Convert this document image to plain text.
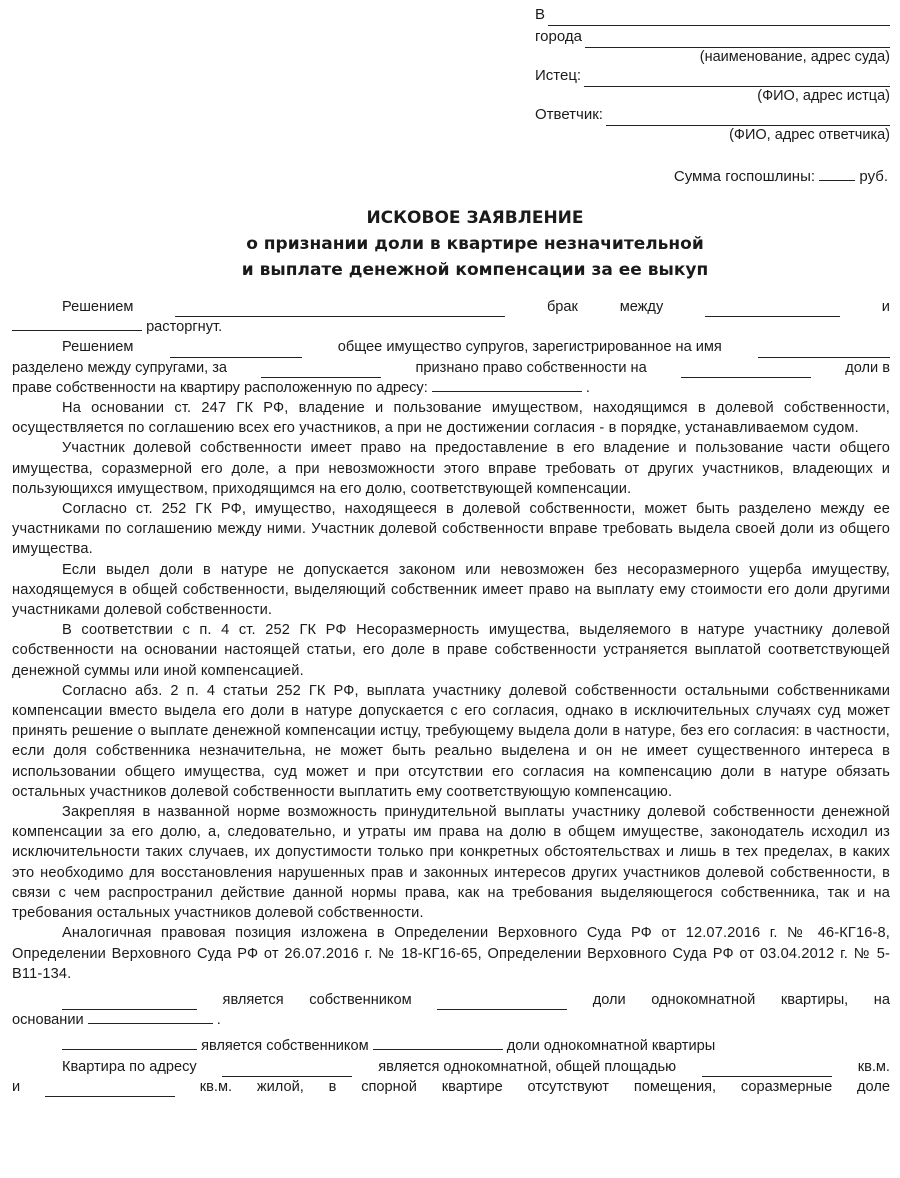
В
города
(наименование, адрес суда)
Истец:
(ФИО, адрес истца)
Ответчик:
(ФИО, адрес ответчика)
Сумма госпошлины:	руб.
ИСКОВОЕ ЗАЯВЛЕНИЕ
о признании доли в квартире незначительной
и выплате денежной компенсации за ее выкуп
Решением	брак	между	и
расторгнут.
Решением	общее имущество супругов, зарегистрированное на имя
разделено между супругами, за	признано право собственности на	доли в
праве собственности на квартиру расположенную по адресу:	.

На основании ст. 247 ГК РФ, владение и пользование имуществом, находящимся в долевой собственности, осуществляется по соглашению всех его участников, а при не достижении согласия - в порядке, устанавливаемом судом.

Участник долевой собственности имеет право на предоставление в его владение и пользование части общего имущества, соразмерной его доле, а при невозможности этого вправе требовать от других участников, владеющих и пользующихся имуществом, приходящимся на его долю, соответствующей компенсации.

Согласно ст. 252 ГК РФ, имущество, находящееся в долевой собственности, может быть разделено между ее участниками по соглашению между ними. Участник долевой собственности вправе требовать выдела своей доли из общего имущества.

Если выдел доли в натуре не допускается законом или невозможен без несоразмерного ущерба имуществу, находящемуся в общей собственности, выделяющий собственник имеет право на выплату ему стоимости его доли другими участниками долевой собственности.

В соответствии с п. 4 ст. 252 ГК РФ Несоразмерность имущества, выделяемого в натуре участнику долевой собственности на основании настоящей статьи, его доле в праве собственности устраняется выплатой соответствующей денежной суммы или иной компенсацией.

Согласно абз. 2 п. 4 статьи 252 ГК РФ, выплата участнику долевой собственности остальными собственниками компенсации вместо выдела его доли в натуре допускается с его согласия, однако в исключительных случаях суд может принять решение о выплате денежной компенсации истцу, требующему выдела доли в натуре, без его согласия: в частности, если доля собственника незначительна, не может быть реально выделена и он не имеет существенного интереса в использовании общего имущества, суд может и при отсутствии его согласия на компенсацию доли в натуре обязать остальных участников долевой собственности выплатить ему соответствующую компенсацию.

Закрепляя в названной норме возможность принудительной выплаты участнику долевой собственности денежной компенсации за его долю, а, следовательно, и утраты им права на долю в общем имуществе, законодатель исходил из исключительности таких случаев, их допустимости только при конкретных обстоятельствах и лишь в тех пределах, в каких это необходимо для восстановления нарушенных прав и законных интересов других участников долевой собственности, в связи с чем распространил действие данной нормы права, как на требования выделяющегося собственника, так и на требования остальных участников долевой собственности.

Аналогичная правовая позиция изложена в Определении Верховного Суда РФ от 12.07.2016 г. № 46-КГ16-8, Определении Верховного Суда РФ от 26.07.2016 г. № 18-КГ16-65, Определении Верховного Суда РФ от 03.04.2012 г. № 5-В11-134.

является собственником	доли однокомнатной квартиры, на
основании	.
является собственником	доли однокомнатной квартиры
Квартира по адресу	является однокомнатной, общей площадью	кв.м.
и	кв.м. жилой, в спорной квартире отсутствуют помещения, соразмерные доле
